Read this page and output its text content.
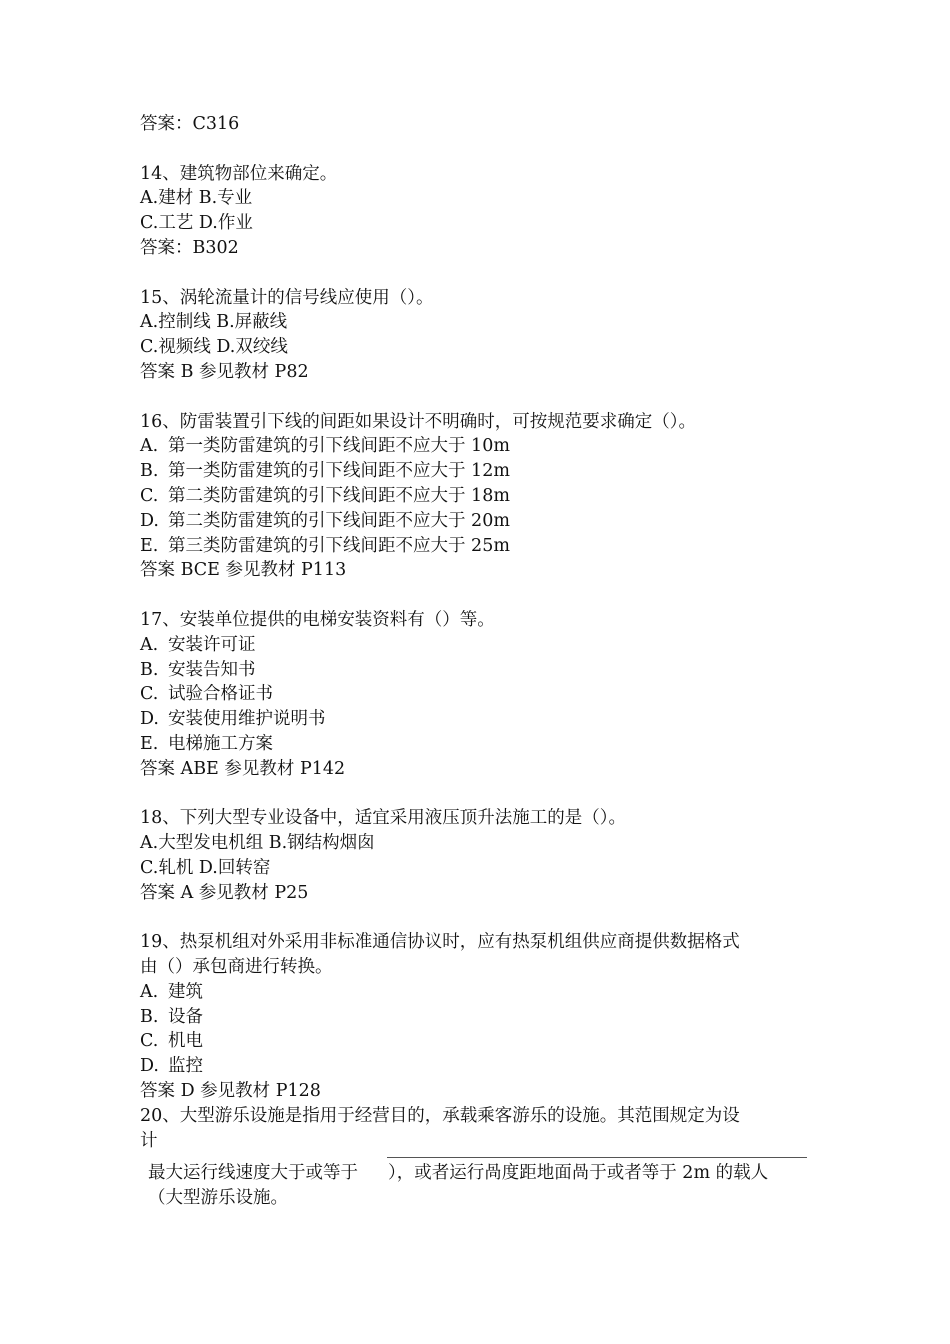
答案：C316
14、建筑物部位来确定。
A.建材 B.专业
C.工艺 D.作业
答案：B302
15、涡轮流量计的信号线应使用（）。
A.控制线 B.屏蔽线
C.视频线 D.双绞线
答案 B 参见教材 P82
16、防雷装置引下线的间距如果设计不明确时，可按规范要求确定（）。
A. 第一类防雷建筑的引下线间距不应大于 10m
B. 第一类防雷建筑的引下线间距不应大于 12m
C. 第二类防雷建筑的引下线间距不应大于 18m
D. 第二类防雷建筑的引下线间距不应大于 20m
E. 第三类防雷建筑的引下线间距不应大于 25m
答案 BCE 参见教材 P113
17、安装单位提供的电梯安装资料有（）等。
A. 安装许可证
B. 安装告知书
C. 试验合格证书
D. 安装使用维护说明书
E. 电梯施工方案
答案 ABE 参见教材 P142
18、下列大型专业设备中，适宜采用液压顶升法施工的是（）。
A.大型发电机组 B.钢结构烟囱
C.轧机 D.回转窑
答案 A 参见教材 P25
19、热泵机组对外采用非标准通信协议时，应有热泵机组供应商提供数据格式
由（）承包商进行转换。
A. 建筑
B. 设备
C. 机电
D. 监控
答案 D 参见教材 P128
20、大型游乐设施是指用于经营目的，承载乘客游乐的设施。其范围规定为设
计
最大运行线速度大于或等于（大型游乐设施。
），或者运行咼度距地面咼于或者等于 2m 的载人
